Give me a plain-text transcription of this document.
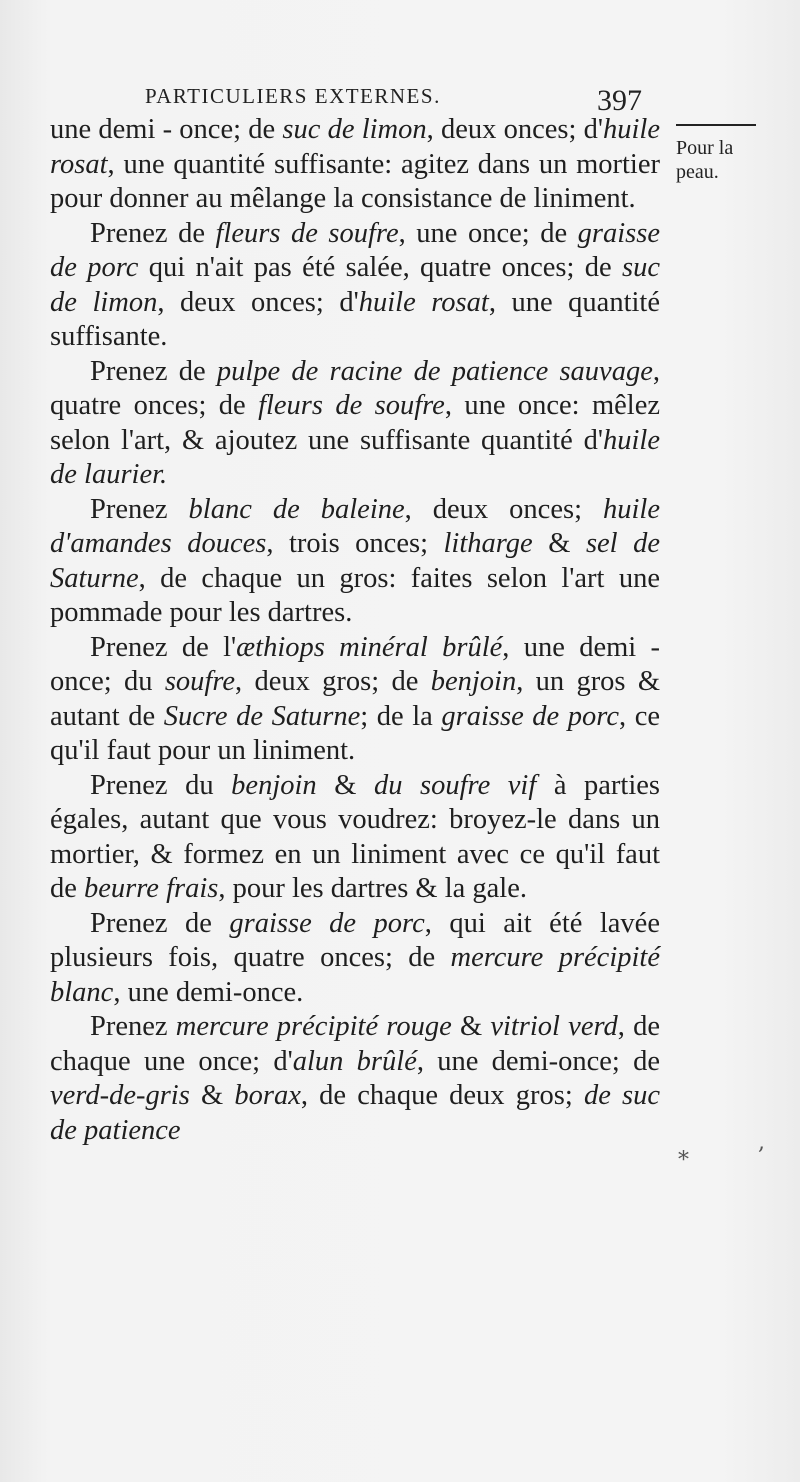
PARTICULIERS EXTERNES.	397
Pour la
peau.

une demi - once; de suc de limon, deux onces; d'huile rosat, une quantité suffisante: agitez dans un mortier pour donner au mêlange la consistance de liniment.

Prenez de fleurs de soufre, une once; de graisse de porc qui n'ait pas été salée, quatre onces; de suc de limon, deux onces; d'huile rosat, une quantité suffisante.

Prenez de pulpe de racine de patience sauvage, quatre onces; de fleurs de soufre, une once: mêlez selon l'art, & ajoutez une suffisante quantité d'huile de laurier.

Prenez blanc de baleine, deux onces; huile d'amandes douces, trois onces; litharge & sel de Saturne, de chaque un gros: faites selon l'art une pommade pour les dartres.

Prenez de l'æthiops minéral brûlé, une demi - once; du soufre, deux gros; de benjoin, un gros & autant de Sucre de Saturne; de la graisse de porc, ce qu'il faut pour un liniment.

Prenez du benjoin & du soufre vif à parties égales, autant que vous voudrez: broyez-le dans un mortier, & formez en un liniment avec ce qu'il faut de beurre frais, pour les dartres & la gale.

Prenez de graisse de porc, qui ait été lavée plusieurs fois, quatre onces; de mercure précipité blanc, une demi-once.

Prenez mercure précipité rouge & vitriol verd, de chaque une once; d'alun brûlé, une demi-once; de verd-de-gris & borax, de chaque deux gros; de suc de patience	,
*
